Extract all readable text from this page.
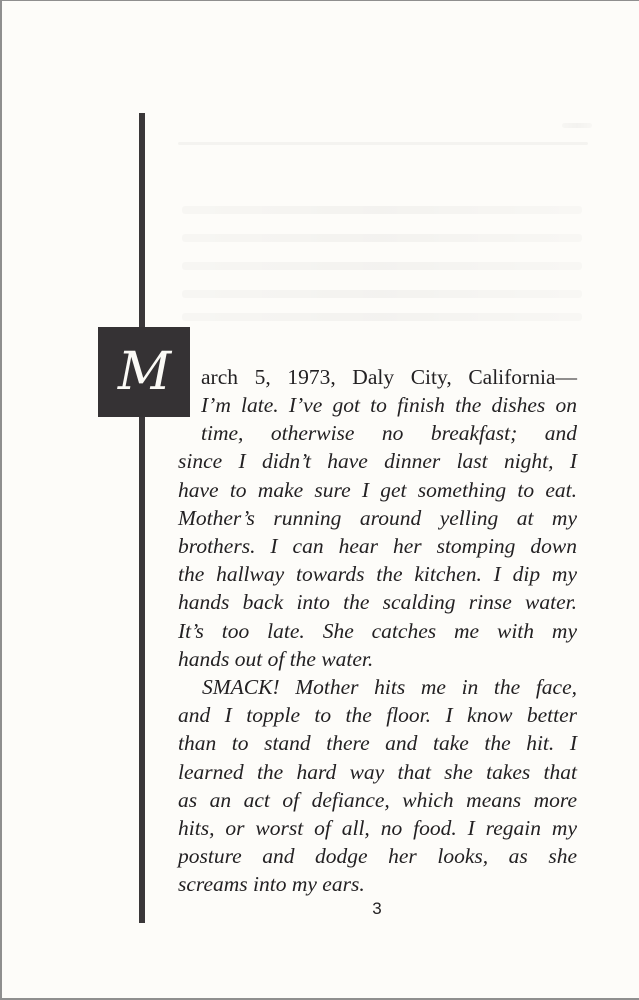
M	arch 5, 1973, Daly City, California—
I’m late. I’ve got to finish the dishes on
time, otherwise no breakfast; and
since I didn’t have dinner last night, I
have to make sure I get something to eat.
Mother’s running around yelling at my
brothers. I can hear her stomping down
the hallway towards the kitchen. I dip my
hands back into the scalding rinse water.
It’s too late. She catches me with my
hands out of the water.
SMACK! Mother hits me in the face,
and I topple to the floor. I know better
than to stand there and take the hit. I
learned the hard way that she takes that
as an act of defiance, which means more
hits, or worst of all, no food. I regain my
posture and dodge her looks, as she
screams into my ears.
3
